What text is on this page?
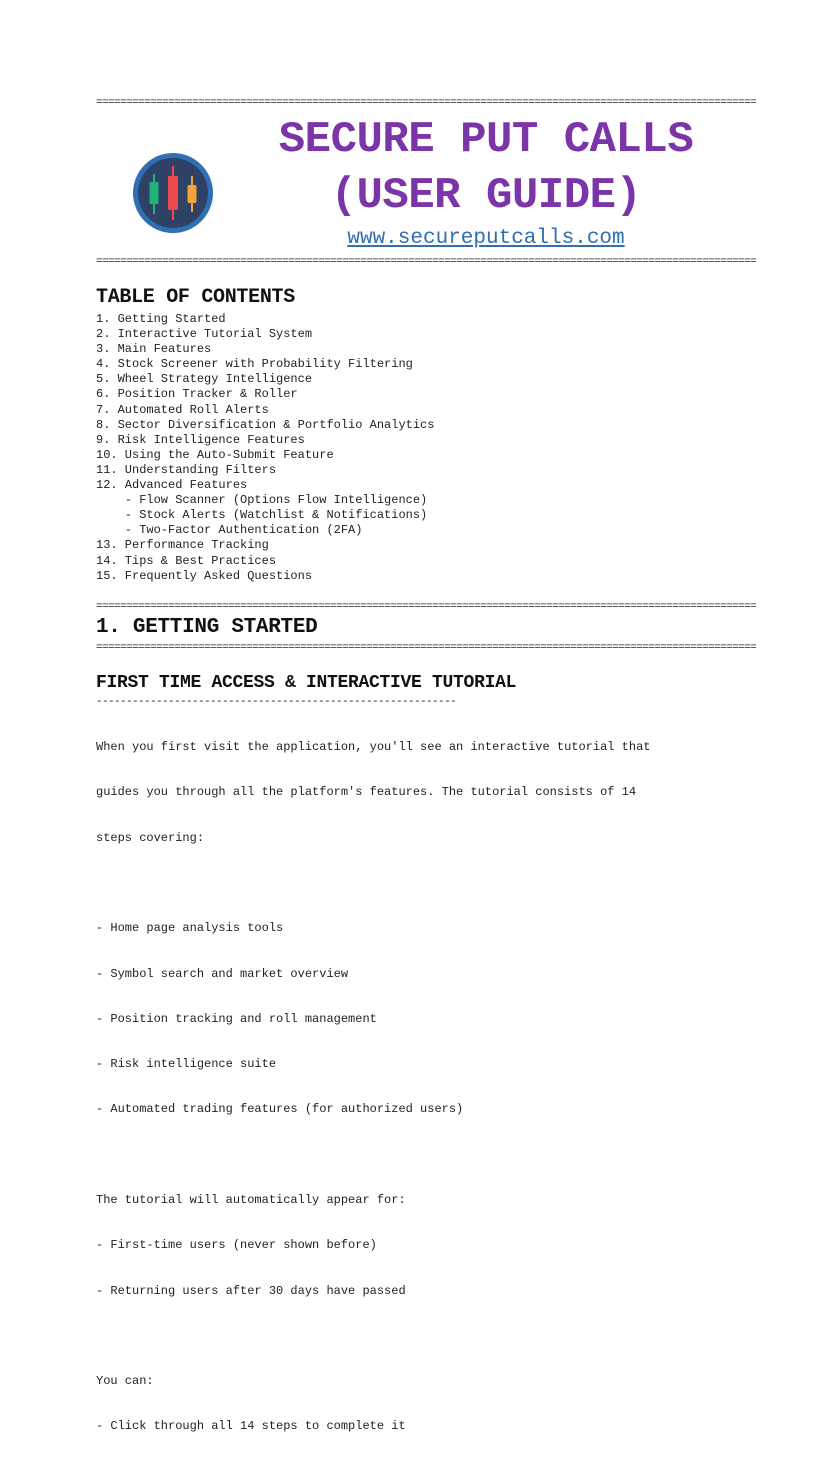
==============================================================================================================
SECURE PUT CALLS
(USER GUIDE)
www.secureputcalls.com
==============================================================================================================
TABLE OF CONTENTS
1. Getting Started
2. Interactive Tutorial System
3. Main Features
4. Stock Screener with Probability Filtering
5. Wheel Strategy Intelligence
6. Position Tracker & Roller
7. Automated Roll Alerts
8. Sector Diversification & Portfolio Analytics
9. Risk Intelligence Features
10. Using the Auto-Submit Feature
11. Understanding Filters
12. Advanced Features
- Flow Scanner (Options Flow Intelligence)
- Stock Alerts (Watchlist & Notifications)
- Two-Factor Authentication (2FA)
13. Performance Tracking
14. Tips & Best Practices
15. Frequently Asked Questions
==============================================================================================================
1. GETTING STARTED
==============================================================================================================
FIRST TIME ACCESS & INTERACTIVE TUTORIAL
------------------------------------------------------------

When you first visit the application, you'll see an interactive tutorial that

guides you through all the platform's features. The tutorial consists of 14

steps covering:

- Home page analysis tools

- Symbol search and market overview

- Position tracking and roll management

- Risk intelligence suite

- Automated trading features (for authorized users)

The tutorial will automatically appear for:

- First-time users (never shown before)

- Returning users after 30 days have passed

You can:

- Click through all 14 steps to complete it
